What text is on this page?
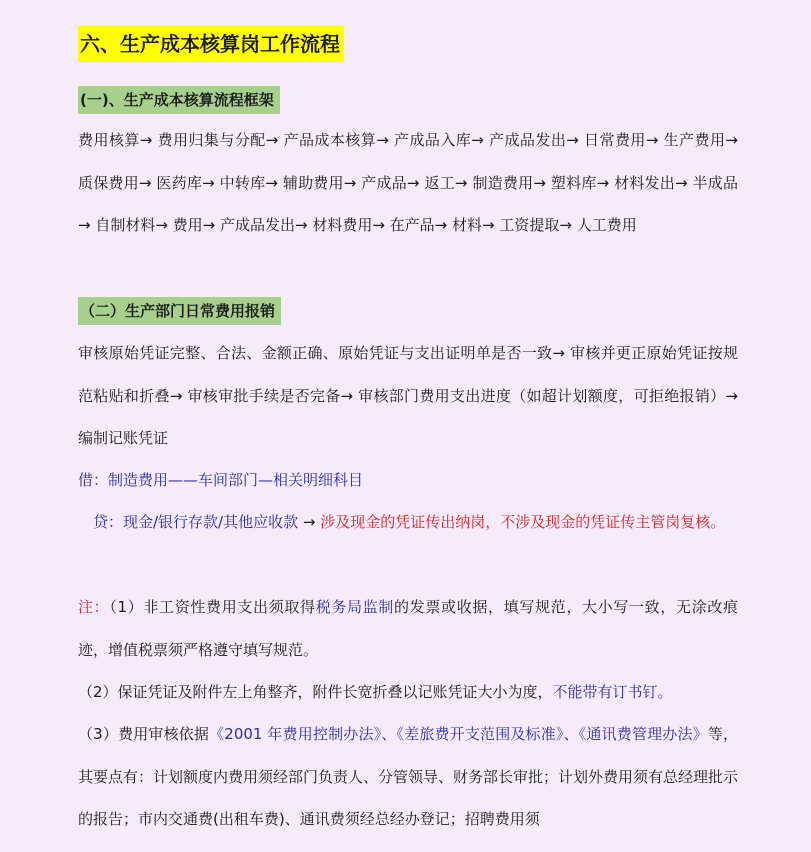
六、生产成本核算岗工作流程
(一)、生产成本核算流程框架
费用核算→ 费用归集与分配→ 产品成本核算→ 产成品入库→ 产成品发出→ 日常费用→ 生产费用→ 质保费用→ 医药库→ 中转库→ 辅助费用→ 产成品→ 返工→ 制造费用→ 塑料库→ 材料发出→ 半成品→ 自制材料→ 费用→ 产成品发出→ 材料费用→ 在产品→ 材料→ 工资提取→ 人工费用
（二）生产部门日常费用报销
审核原始凭证完整、合法、金额正确、原始凭证与支出证明单是否一致→ 审核并更正原始凭证按规范粘贴和折叠→ 审核审批手续是否完备→ 审核部门费用支出进度（如超计划额度，可拒绝报销）→ 编制记账凭证
借：制造费用——车间部门—相关明细科目
贷：现金/银行存款/其他应收款 → 涉及现金的凭证传出纳岗，不涉及现金的凭证传主管岗复核。
注：（1）非工资性费用支出须取得税务局监制的发票或收据，填写规范，大小写一致，无涂改痕迹，增值税票须严格遵守填写规范。
（2）保证凭证及附件左上角整齐，附件长宽折叠以记账凭证大小为度，不能带有订书钉。
（3）费用审核依据《2001 年费用控制办法》、《差旅费开支范围及标准》、《通讯费管理办法》等，其要点有：计划额度内费用须经部门负责人、分管领导、财务部长审批；计划外费用须有总经理批示的报告；市内交通费(出租车费)、通讯费须经总经办登记；招聘费用须
